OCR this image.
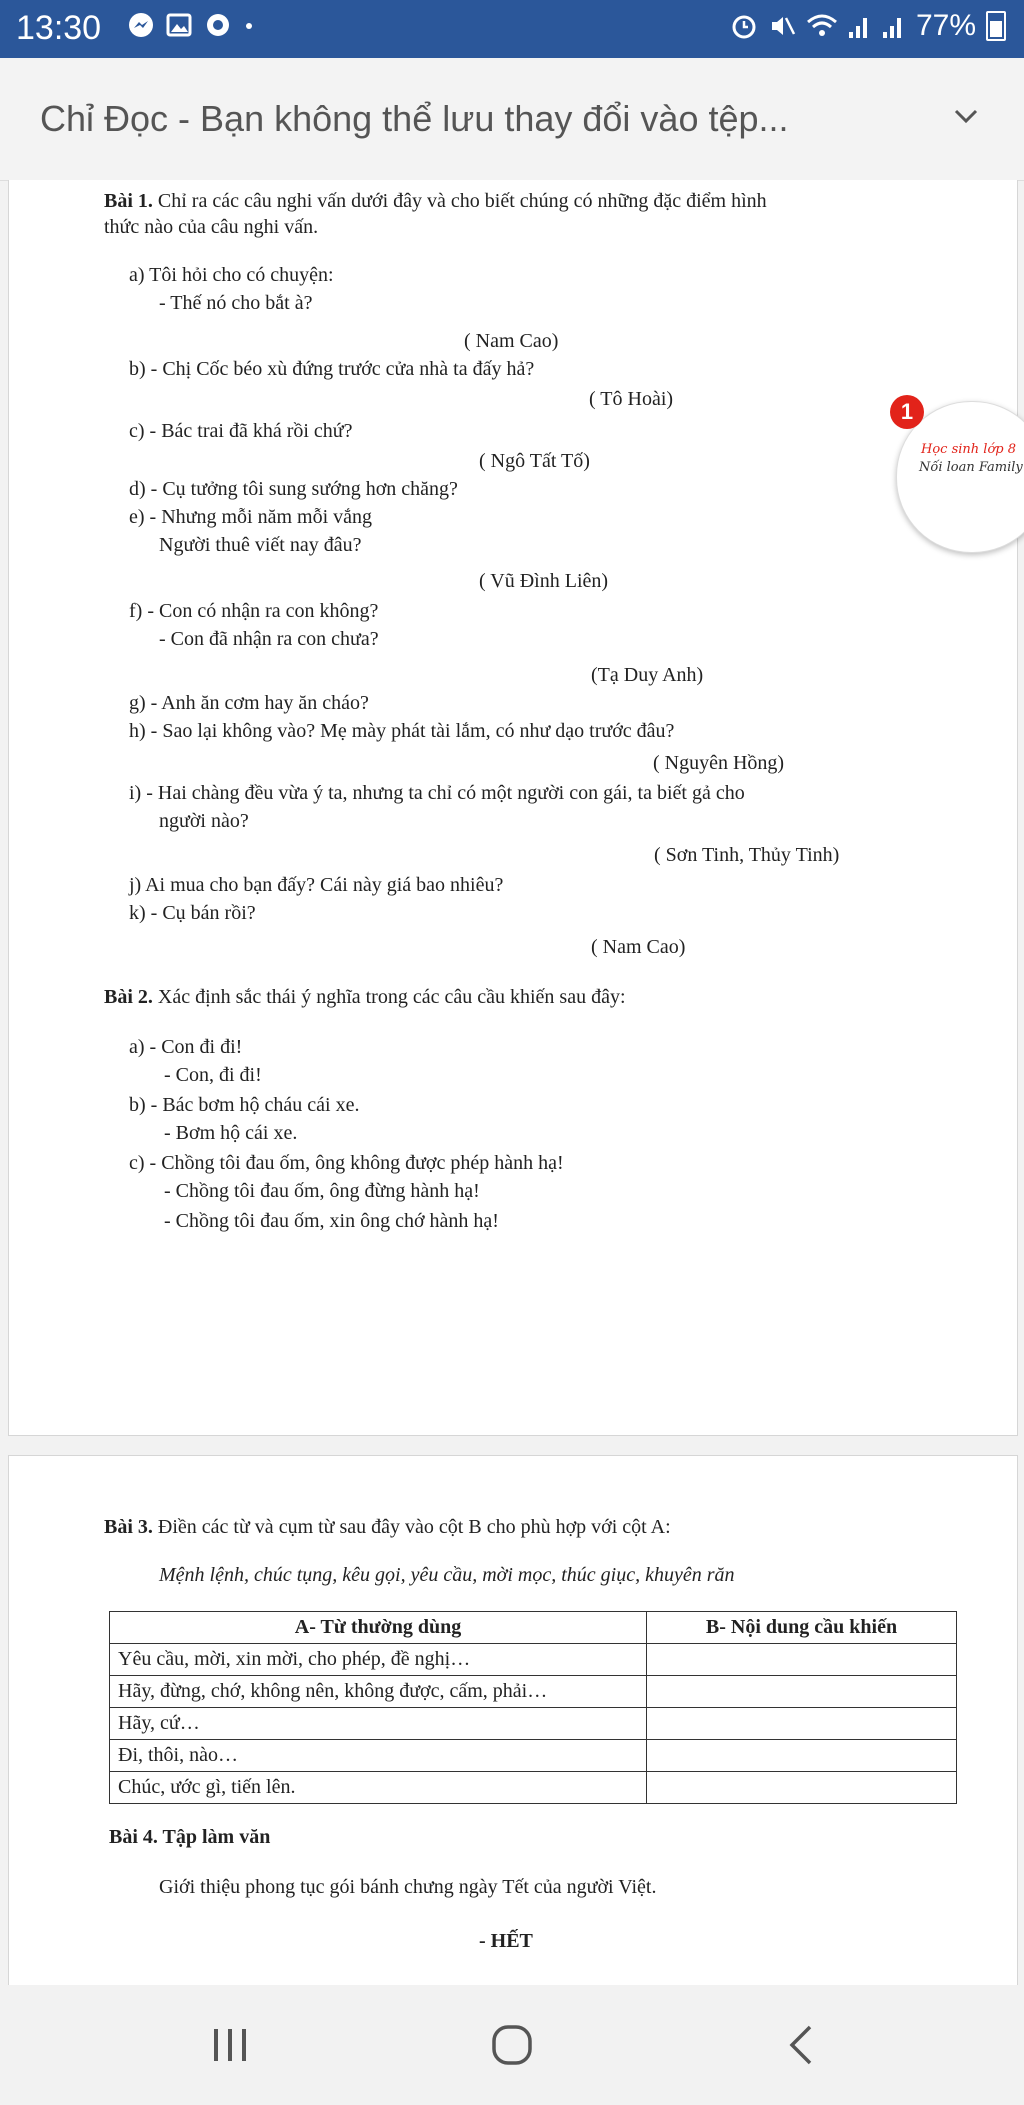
13:30	77%
Chỉ Đọc - Bạn không thể lưu thay đổi vào tệp...
Bài 1. Chỉ ra các câu nghi vấn dưới đây và cho biết chúng có những đặc điểm hình
thức nào của câu nghi vấn.
a) Tôi hỏi cho có chuyện:
- Thế nó cho bắt à?
( Nam Cao)
b) - Chị Cốc béo xù đứng trước cửa nhà ta đấy hả?
( Tô Hoài)
c) - Bác trai đã khá rồi chứ?
( Ngô Tất Tố)
d) - Cụ tưởng tôi sung sướng hơn chăng?
e) - Nhưng mỗi năm mỗi vắng
Người thuê viết nay đâu?
( Vũ Đình Liên)
f) - Con có nhận ra con không?
- Con đã nhận ra con chưa?
(Tạ Duy Anh)
g) - Anh ăn cơm hay ăn cháo?
h) - Sao lại không vào? Mẹ mày phát tài lắm, có như dạo trước đâu?
( Nguyên Hồng)
i) - Hai chàng đều vừa ý ta, nhưng ta chỉ có một người con gái, ta biết gả cho
người nào?
( Sơn Tinh, Thủy Tinh)
j) Ai mua cho bạn đấy? Cái này giá bao nhiêu?
k) - Cụ bán rồi?
( Nam Cao)
Bài 2. Xác định sắc thái ý nghĩa trong các câu cầu khiến sau đây:
a) - Con đi đi!
- Con, đi đi!
b) - Bác bơm hộ cháu cái xe.
- Bơm hộ cái xe.
c) - Chồng tôi đau ốm, ông không được phép hành hạ!
- Chồng tôi đau ốm, ông đừng hành hạ!
- Chồng tôi đau ốm, xin ông chớ hành hạ!
Học sinh lớp 8
Nối loan Family
1
Bài 3. Điền các từ và cụm từ sau đây vào cột B cho phù hợp với cột A:
Mệnh lệnh, chúc tụng, kêu gọi, yêu cầu, mời mọc, thúc giục, khuyên răn
A- Từ thường dùng	B- Nội dung cầu khiến
Yêu cầu, mời, xin mời, cho phép, đề nghị…	
Hãy, đừng, chớ, không nên, không được, cấm, phải…	
Hãy, cứ…	
Đi, thôi, nào…	
Chúc, ước gì, tiến lên.	
Bài 4. Tập làm văn
Giới thiệu phong tục gói bánh chưng ngày Tết của người Việt.
- HẾT
